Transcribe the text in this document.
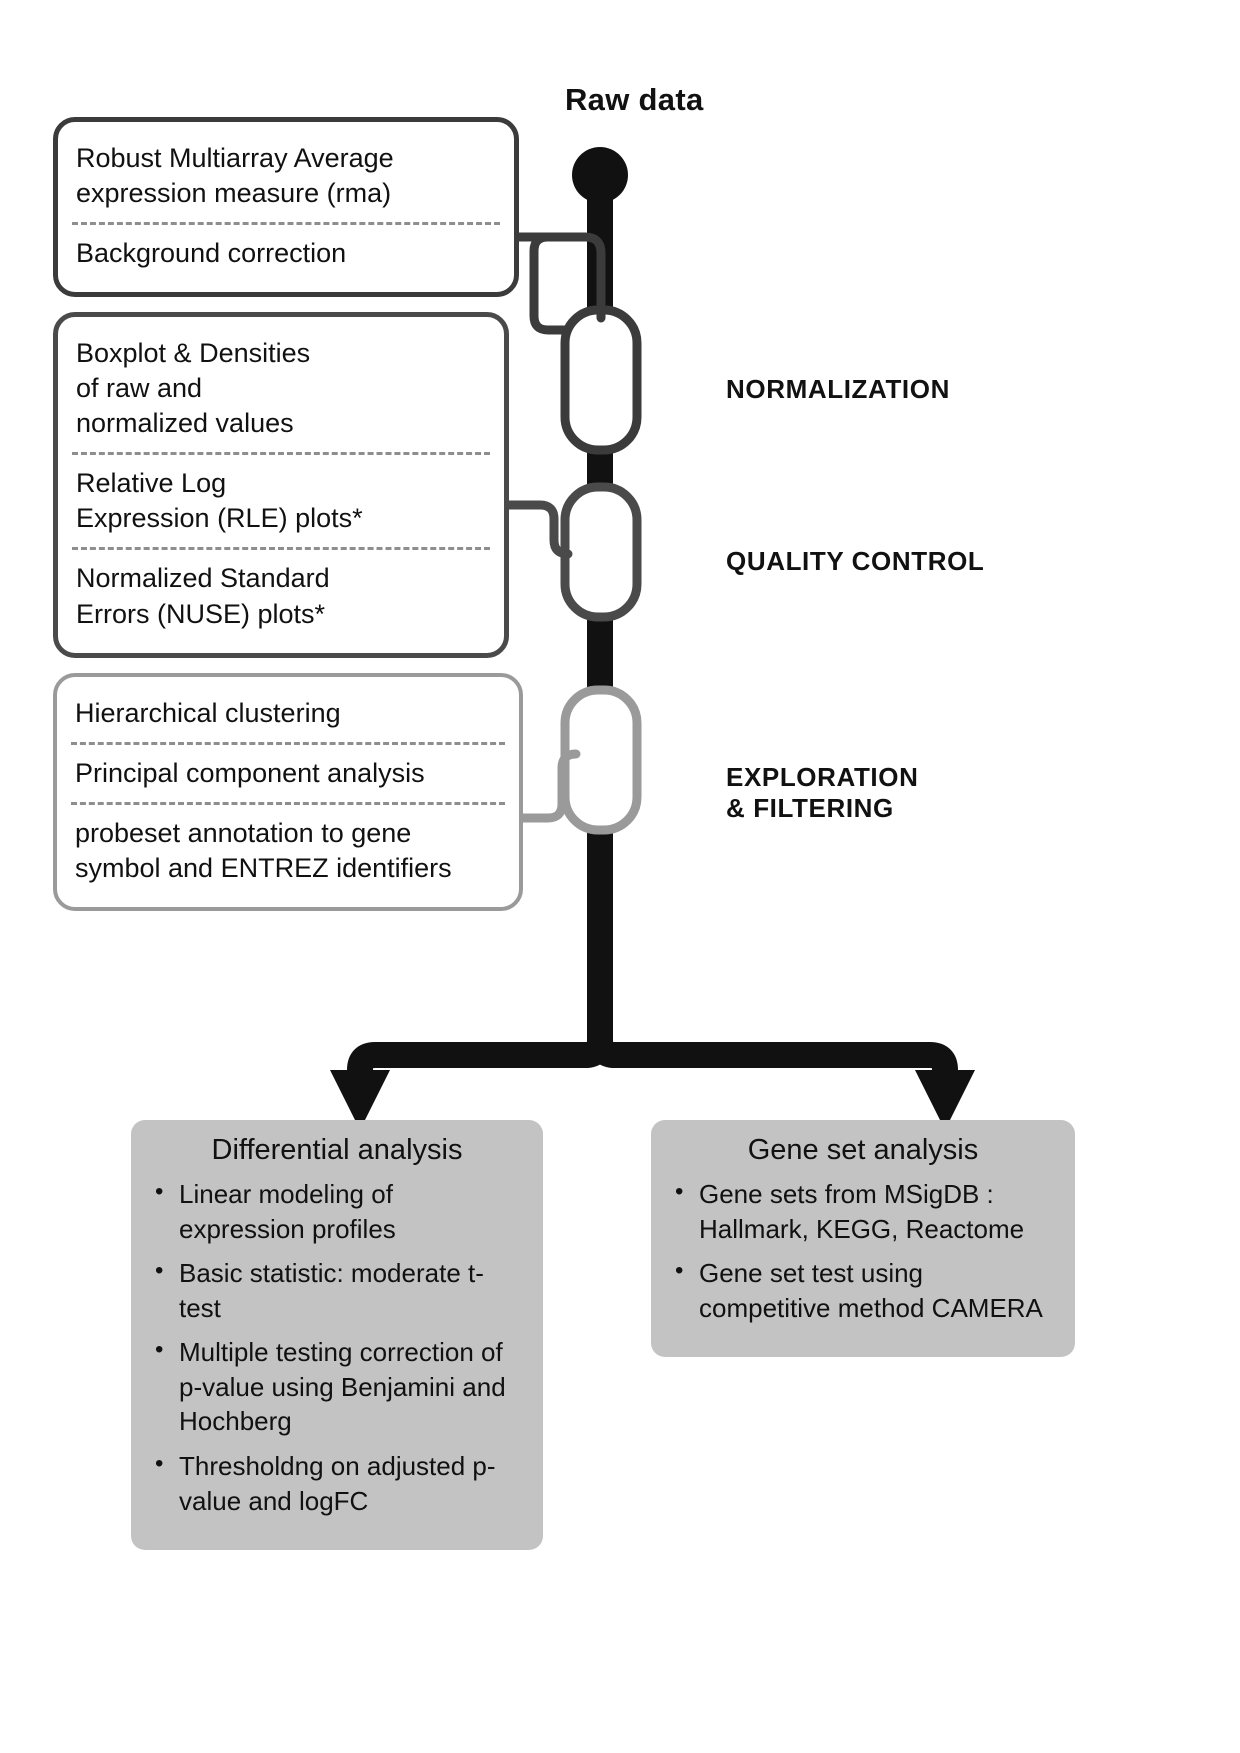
Raw data
NORMALIZATION
QUALITY CONTROL
EXPLORATION
& FILTERING
Robust Multiarray Average
expression measure (rma)
Background correction
Boxplot & Densities
of raw and
normalized values
Relative Log
Expression (RLE) plots*
Normalized Standard
Errors (NUSE) plots*
Hierarchical clustering
Principal component analysis
probeset annotation to gene
symbol and ENTREZ identifiers
Differential analysis
• Linear modeling of expression profiles
• Basic statistic: moderate t-test
• Multiple testing correction of p-value using Benjamini and Hochberg
• Thresholdng on adjusted p-value and logFC
Gene set analysis
• Gene sets from MSigDB : Hallmark, KEGG, Reactome
• Gene set test using competitive method CAMERA
